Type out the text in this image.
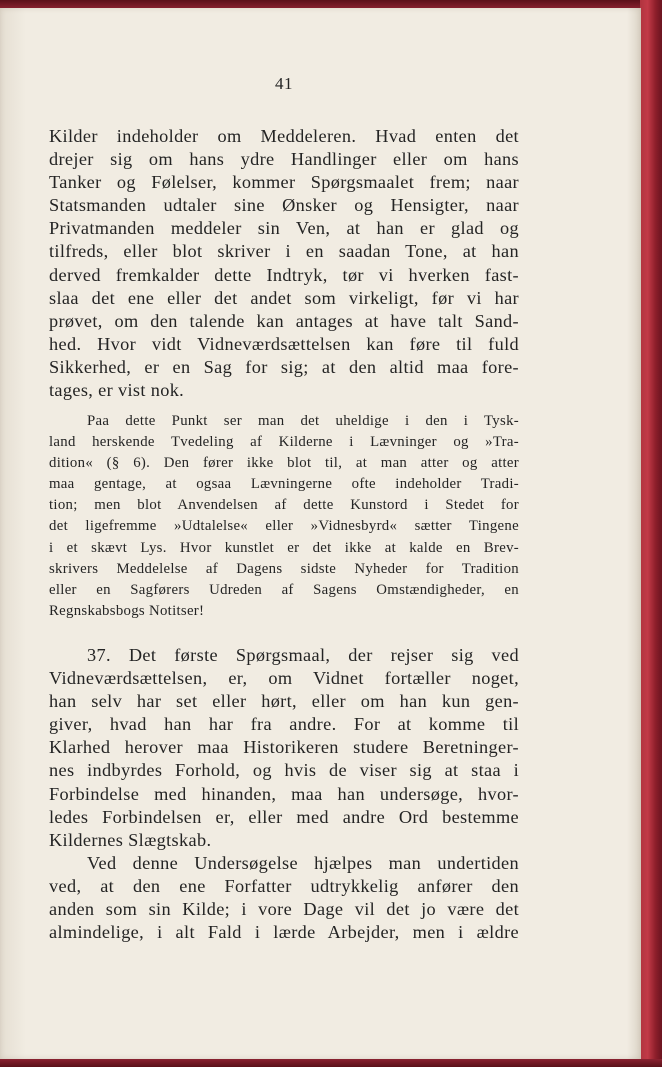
41
Kilder indeholder om Meddeleren. Hvad enten det
drejer sig om hans ydre Handlinger eller om hans
Tanker og Følelser, kommer Spørgsmaalet frem; naar
Statsmanden udtaler sine Ønsker og Hensigter, naar
Privatmanden meddeler sin Ven, at han er glad og
tilfreds, eller blot skriver i en saadan Tone, at han
derved fremkalder dette Indtryk, tør vi hverken fast-
slaa det ene eller det andet som virkeligt, før vi har
prøvet, om den talende kan antages at have talt Sand-
hed. Hvor vidt Vidneværdsættelsen kan føre til fuld
Sikkerhed, er en Sag for sig; at den altid maa fore-
tages, er vist nok.
Paa dette Punkt ser man det uheldige i den i Tysk-
land herskende Tvedeling af Kilderne i Lævninger og »Tra-
dition« (§ 6). Den fører ikke blot til, at man atter og atter
maa gentage, at ogsaa Lævningerne ofte indeholder Tradi-
tion; men blot Anvendelsen af dette Kunstord i Stedet for
det ligefremme »Udtalelse« eller »Vidnesbyrd« sætter Tingene
i et skævt Lys. Hvor kunstlet er det ikke at kalde en Brev-
skrivers Meddelelse af Dagens sidste Nyheder for Tradition
eller en Sagførers Udreden af Sagens Omstændigheder, en
Regnskabsbogs Notitser!
37. Det første Spørgsmaal, der rejser sig ved
Vidneværdsættelsen, er, om Vidnet fortæller noget,
han selv har set eller hørt, eller om han kun gen-
giver, hvad han har fra andre. For at komme til
Klarhed herover maa Historikeren studere Beretninger-
nes indbyrdes Forhold, og hvis de viser sig at staa i
Forbindelse med hinanden, maa han undersøge, hvor-
ledes Forbindelsen er, eller med andre Ord bestemme
Kildernes Slægtskab.
Ved denne Undersøgelse hjælpes man undertiden
ved, at den ene Forfatter udtrykkelig anfører den
anden som sin Kilde; i vore Dage vil det jo være det
almindelige, i alt Fald i lærde Arbejder, men i ældre
